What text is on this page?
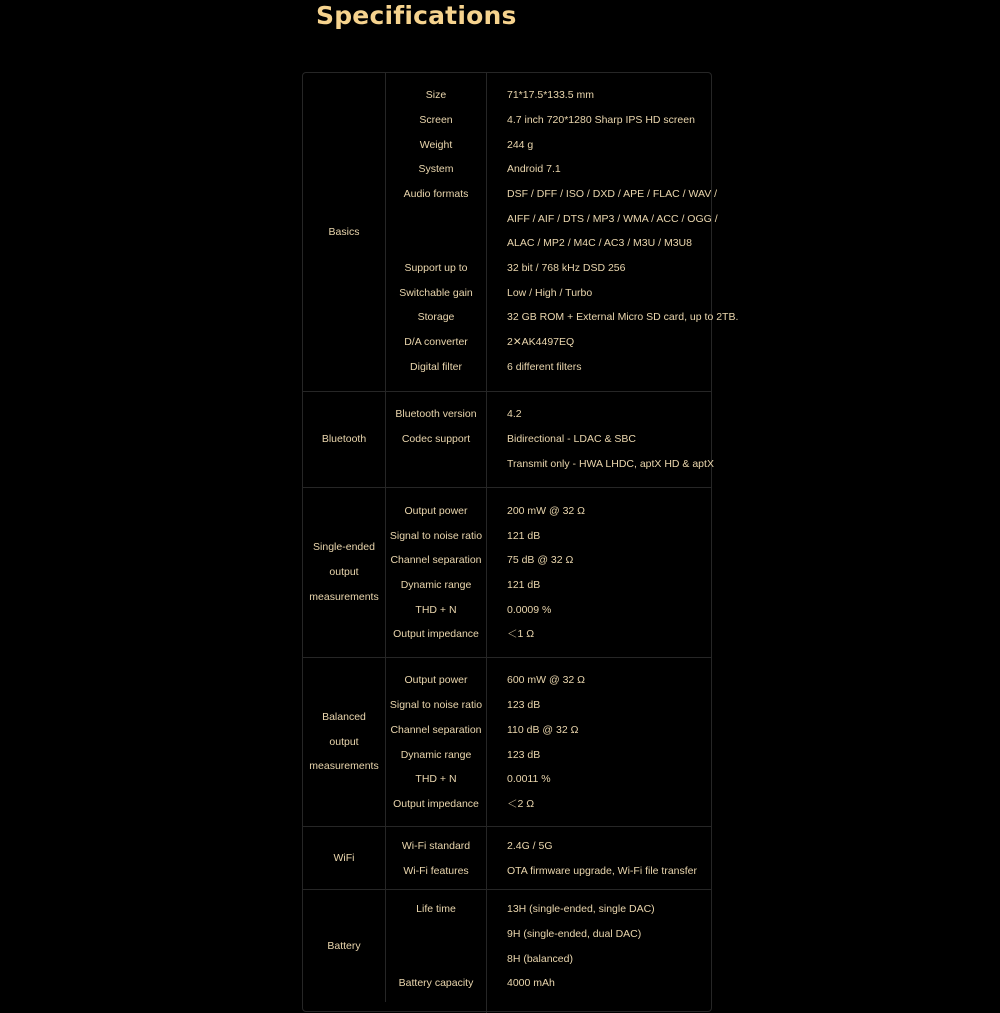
Specifications
Basics
Size
Screen
Weight
System
Audio formats
Support up to
Switchable gain
Storage
D/A converter
Digital filter
71*17.5*133.5 mm
4.7 inch 720*1280 Sharp IPS HD screen
244 g
Android 7.1
DSF / DFF / ISO / DXD / APE / FLAC / WAV /
AIFF / AIF / DTS / MP3 / WMA / ACC / OGG /
ALAC / MP2 / M4C / AC3 / M3U / M3U8
32 bit / 768 kHz DSD 256
Low / High / Turbo
32 GB ROM + External Micro SD card, up to 2TB.
2✕AK4497EQ
6 different filters
Bluetooth
Bluetooth version
Codec support
4.2
Bidirectional - LDAC & SBC
Transmit only - HWA LHDC, aptX HD & aptX
Single-ended
output
measurements
Output power
Signal to noise ratio
Channel separation
Dynamic range
THD + N
Output impedance
200 mW @ 32 Ω
121 dB
75 dB @ 32 Ω
121 dB
0.0009 %
＜1 Ω
Balanced
output
measurements
Output power
Signal to noise ratio
Channel separation
Dynamic range
THD + N
Output impedance
600 mW @ 32 Ω
123 dB
110 dB @ 32 Ω
123 dB
0.0011 %
＜2 Ω
WiFi
Wi-Fi standard
Wi-Fi features
2.4G / 5G
OTA firmware upgrade, Wi-Fi file transfer
Battery
Life time
Battery capacity
13H (single-ended, single DAC)
9H (single-ended, dual DAC)
8H (balanced)
4000 mAh
